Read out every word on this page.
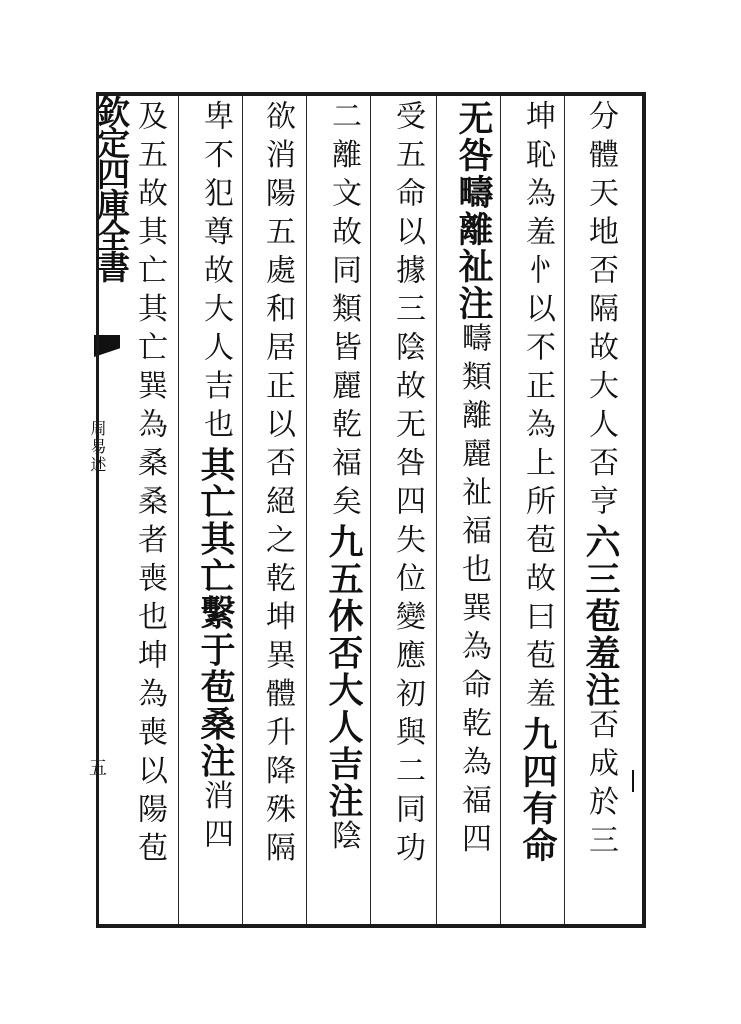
欽定四庫全書
周易述
五
分體天地否隔故大人否亨六三苞羞注否成於三
坤恥為羞㣺以不正為上所苞故曰苞羞九四有命
无咎疇離祉注疇類離麗祉福也巽為命乾為福四
受五命以據三陰故无咎四失位變應初與二同功
二離文故同類皆麗乾福矣九五休否大人吉注陰
欲消陽五處和居正以否絕之乾坤異體升降殊隔
卑不犯尊故大人吉也其亡其亡繫于苞桑注消四
及五故其亡其亡巽為桑桑者喪也坤為喪以陽苞
